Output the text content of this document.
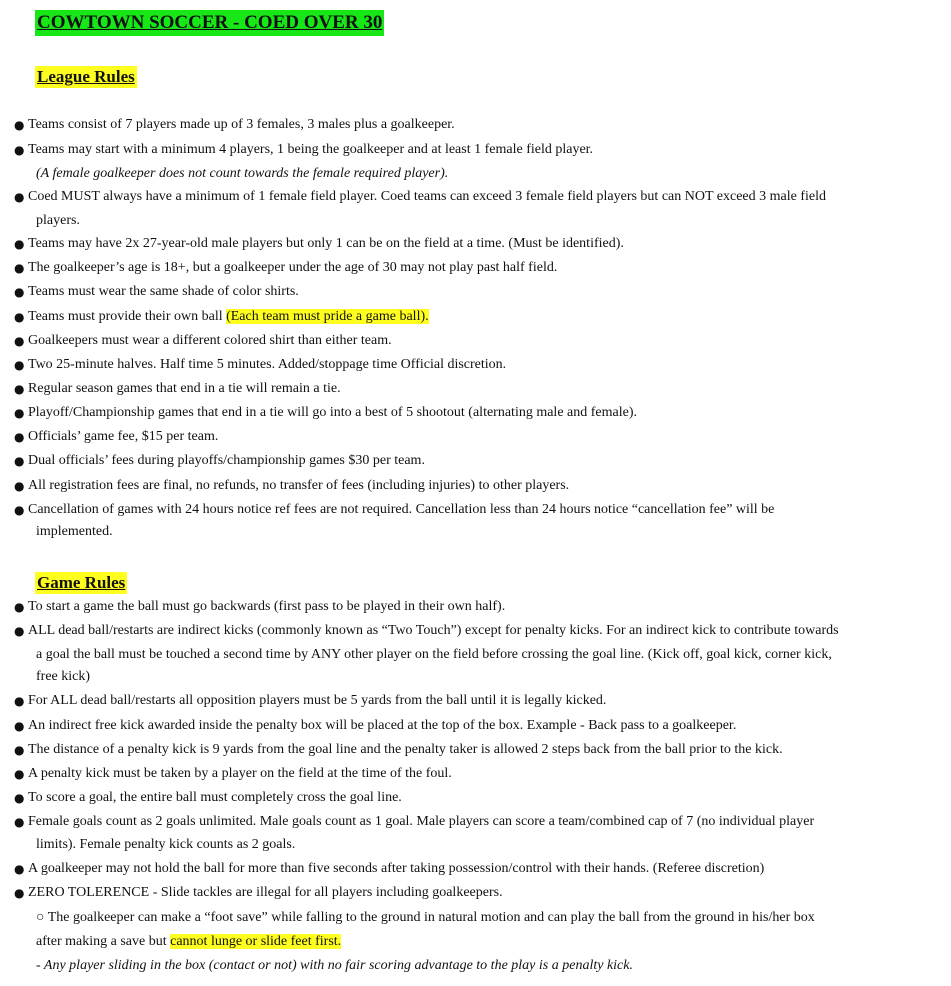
COWTOWN SOCCER - COED OVER 30
League Rules
● Teams consist of 7 players made up of 3 females, 3 males plus a goalkeeper.
● Teams may start with a minimum 4 players, 1 being the goalkeeper and at least 1 female field player.
(A female goalkeeper does not count towards the female required player).
● Coed MUST always have a minimum of 1 female field player. Coed teams can exceed 3 female field players but can NOT exceed 3 male field
players.
● Teams may have 2x 27-year-old male players but only 1 can be on the field at a time. (Must be identified).
● The goalkeeper’s age is 18+, but a goalkeeper under the age of 30 may not play past half field.
● Teams must wear the same shade of color shirts.
● Teams must provide their own ball (Each team must pride a game ball).
● Goalkeepers must wear a different colored shirt than either team.
● Two 25-minute halves. Half time 5 minutes. Added/stoppage time Official discretion.
● Regular season games that end in a tie will remain a tie.
● Playoff/Championship games that end in a tie will go into a best of 5 shootout (alternating male and female).
● Officials’ game fee, $15 per team.
● Dual officials’ fees during playoffs/championship games $30 per team.
● All registration fees are final, no refunds, no transfer of fees (including injuries) to other players.
● Cancellation of games with 24 hours notice ref fees are not required. Cancellation less than 24 hours notice “cancellation fee” will be
implemented.
Game Rules
● To start a game the ball must go backwards (first pass to be played in their own half).
● ALL dead ball/restarts are indirect kicks (commonly known as “Two Touch”) except for penalty kicks. For an indirect kick to contribute towards
a goal the ball must be touched a second time by ANY other player on the field before crossing the goal line. (Kick off, goal kick, corner kick,
free kick)
● For ALL dead ball/restarts all opposition players must be 5 yards from the ball until it is legally kicked.
● An indirect free kick awarded inside the penalty box will be placed at the top of the box. Example - Back pass to a goalkeeper.
● The distance of a penalty kick is 9 yards from the goal line and the penalty taker is allowed 2 steps back from the ball prior to the kick.
● A penalty kick must be taken by a player on the field at the time of the foul.
● To score a goal, the entire ball must completely cross the goal line.
● Female goals count as 2 goals unlimited. Male goals count as 1 goal. Male players can score a team/combined cap of 7 (no individual player
limits). Female penalty kick counts as 2 goals.
● A goalkeeper may not hold the ball for more than five seconds after taking possession/control with their hands. (Referee discretion)
● ZERO TOLERENCE - Slide tackles are illegal for all players including goalkeepers.
○ The goalkeeper can make a “foot save” while falling to the ground in natural motion and can play the ball from the ground in his/her box
after making a save but cannot lunge or slide feet first.
- Any player sliding in the box (contact or not) with no fair scoring advantage to the play is a penalty kick.
